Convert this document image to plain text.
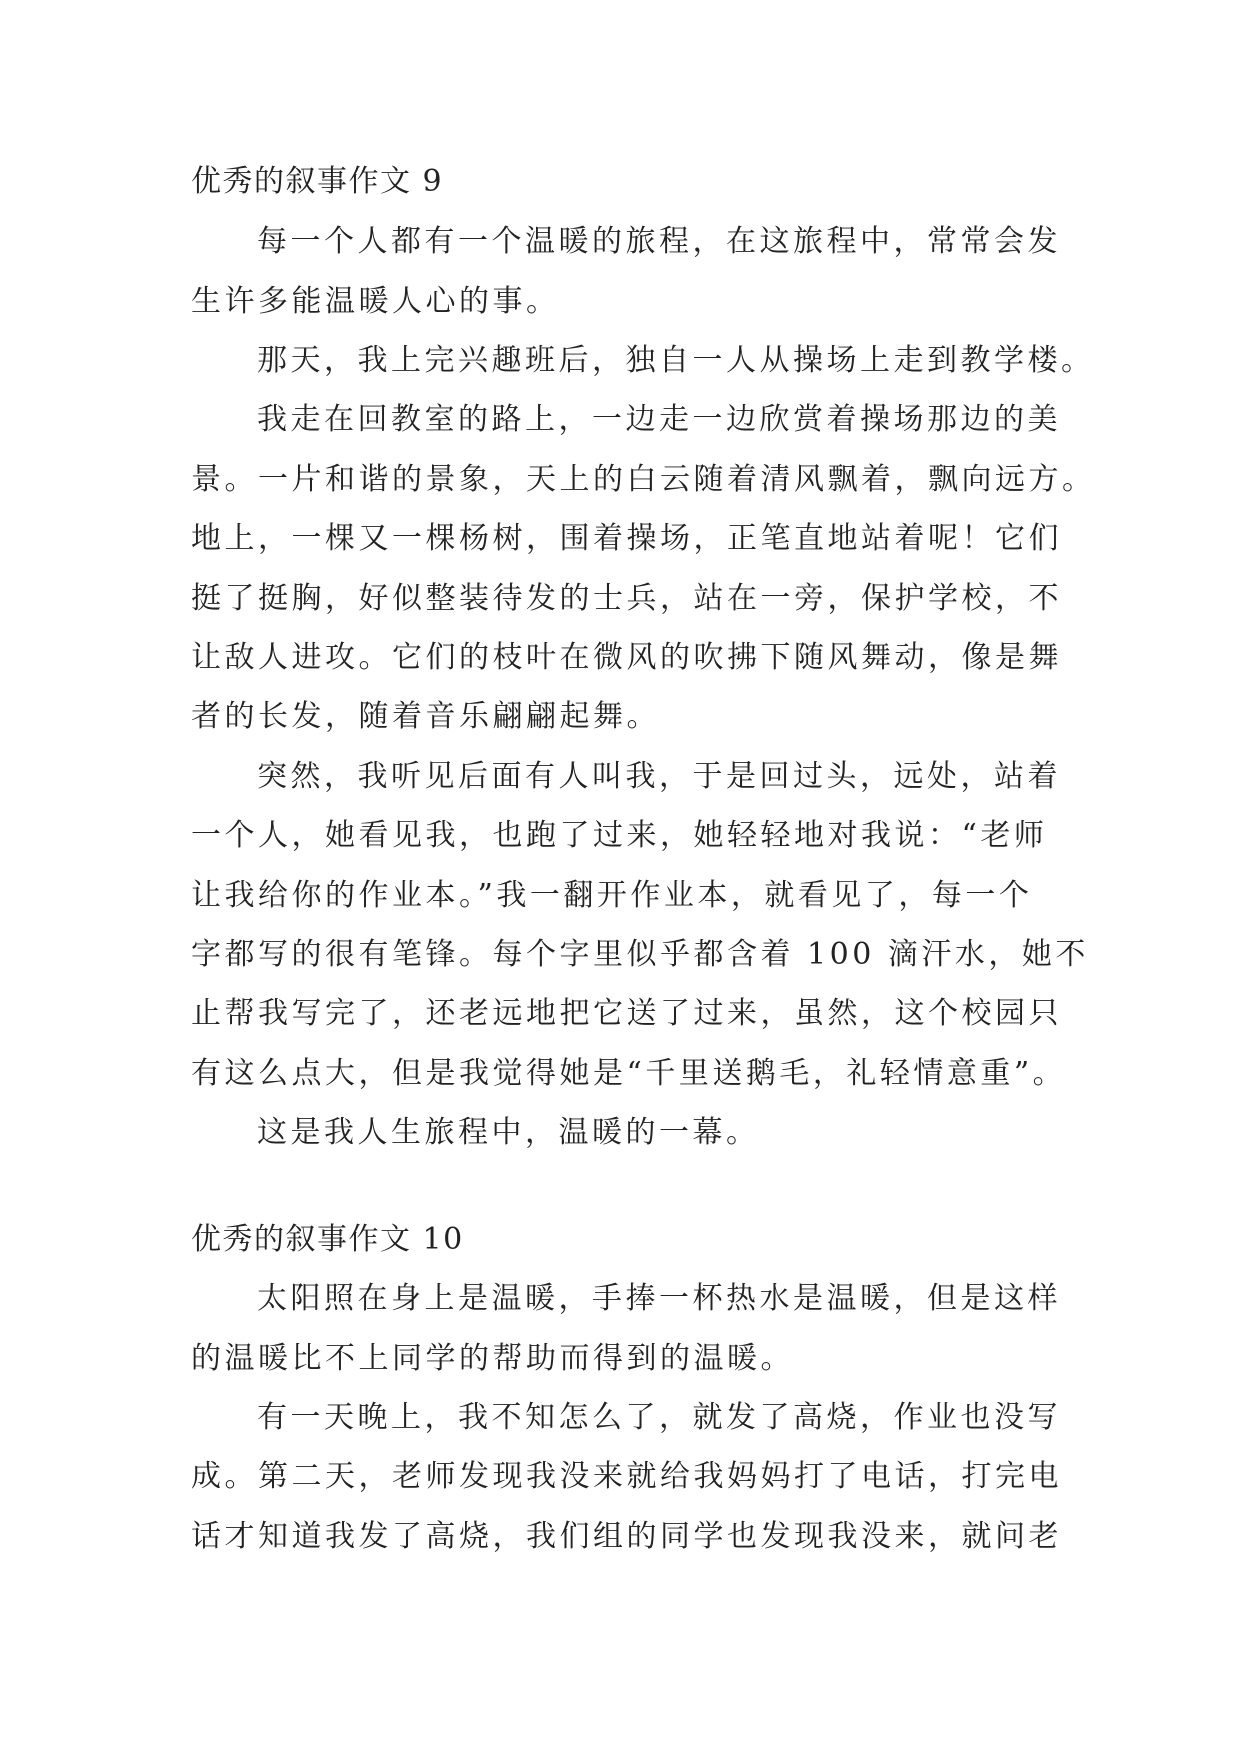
优秀的叙事作文 9
每一个人都有一个温暖的旅程，在这旅程中，常常会发
生许多能温暖人心的事。
那天，我上完兴趣班后，独自一人从操场上走到教学楼。
我走在回教室的路上，一边走一边欣赏着操场那边的美
景。一片和谐的景象，天上的白云随着清风飘着，飘向远方。
地上，一棵又一棵杨树，围着操场，正笔直地站着呢！它们
挺了挺胸，好似整装待发的士兵，站在一旁，保护学校，不
让敌人进攻。它们的枝叶在微风的吹拂下随风舞动，像是舞
者的长发，随着音乐翩翩起舞。
突然，我听见后面有人叫我，于是回过头，远处，站着
一个人，她看见我，也跑了过来，她轻轻地对我说：“老师
让我给你的作业本。”我一翻开作业本，就看见了，每一个
字都写的很有笔锋。每个字里似乎都含着 100 滴汗水，她不
止帮我写完了，还老远地把它送了过来，虽然，这个校园只
有这么点大，但是我觉得她是“千里送鹅毛，礼轻情意重”。
这是我人生旅程中，温暖的一幕。
优秀的叙事作文 10
太阳照在身上是温暖，手捧一杯热水是温暖，但是这样
的温暖比不上同学的帮助而得到的温暖。
有一天晚上，我不知怎么了，就发了高烧，作业也没写
成。第二天，老师发现我没来就给我妈妈打了电话，打完电
话才知道我发了高烧，我们组的同学也发现我没来，就问老
